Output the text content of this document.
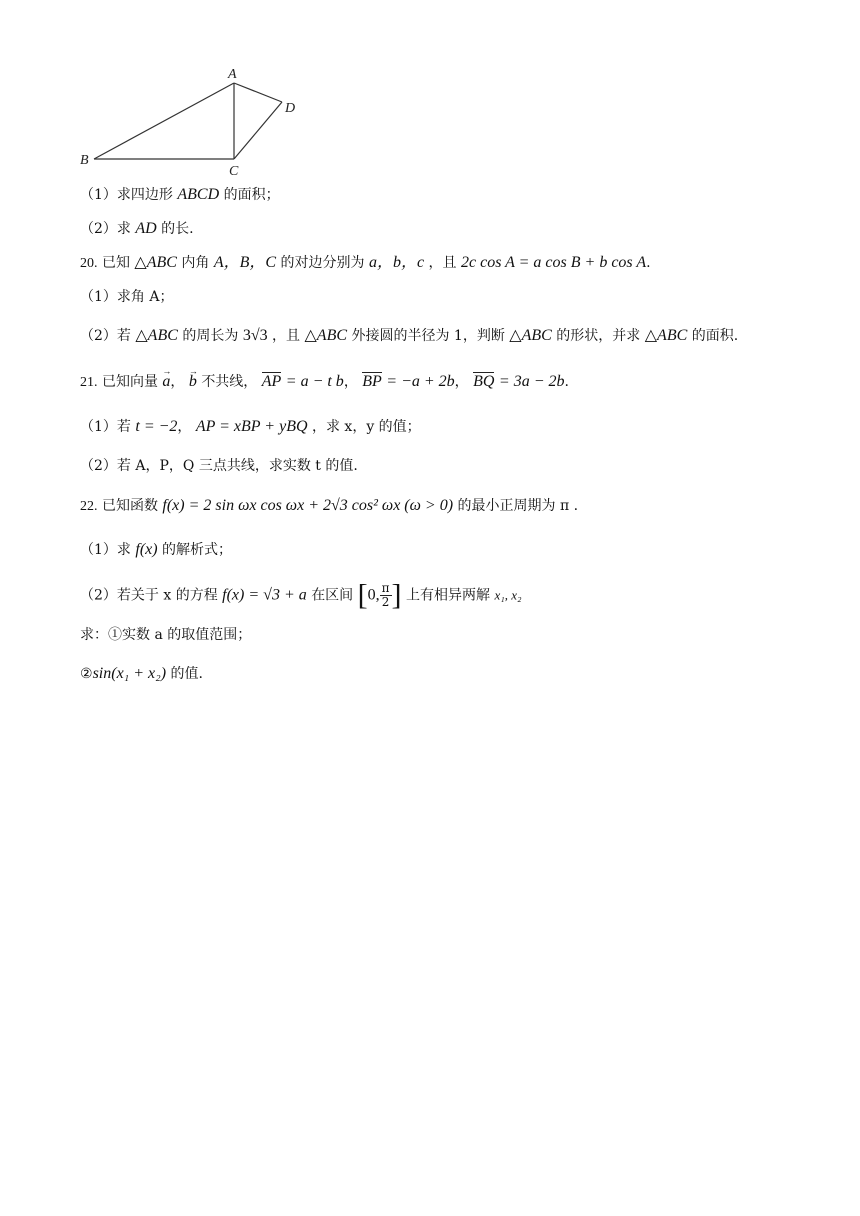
A
B
C
D
（1）求四边形 ABCD 的面积；
（2）求 AD 的长.
20. 已知 △ABC 内角 A，B，C 的对边分别为 a，b，c ，且 2c cos A = a cos B + b cos A.
（1）求角 A；
（2）若 △ABC 的周长为 3√3 ，且 △ABC 外接圆的半径为 1，判断 △ABC 的形状，并求 △ABC 的面积.
21. 已知向量 a →， b → 不共线， AP = a − t b， BP = −a + 2b， BQ = 3a − 2b.
（1）若 t = −2， AP = xBP + yBQ ，求 x，y 的值；
（2）若 A，P，Q 三点共线，求实数 t 的值.
22. 已知函数 f(x) = 2 sin ωx cos ωx + 2√3 cos² ωx (ω > 0) 的最小正周期为 π .
（1）求 f(x) 的解析式；
（2）若关于 x 的方程 f(x) = √3 + a 在区间 [0, $\frac{\pi}{2}$ ] 上有相异两解 x₁, x₂
求：①实数 a 的取值范围；
②sin(x₁ + x₂) 的值.
